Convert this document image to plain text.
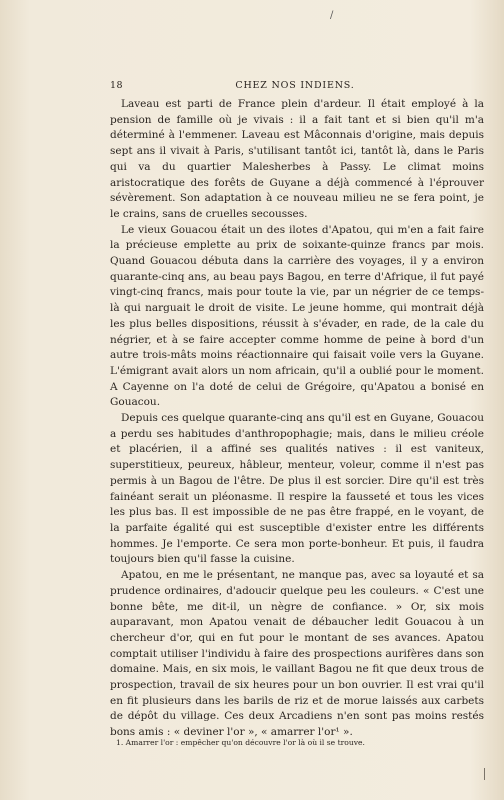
/
18	CHEZ NOS INDIENS.

Laveau est parti de France plein d'ardeur. Il était employé à la pension de famille où je vivais : il a fait tant et si bien qu'il m'a déterminé à l'emmener. Laveau est Mâconnais d'origine, mais depuis sept ans il vivait à Paris, s'utilisant tantôt ici, tantôt là, dans le Paris qui va du quartier Malesherbes à Passy. Le climat moins aristocratique des forêts de Guyane a déjà commencé à l'éprouver sévèrement. Son adaptation à ce nouveau milieu ne se fera point, je le crains, sans de cruelles secousses.

Le vieux Gouacou était un des ilotes d'Apatou, qui m'en a fait faire la précieuse emplette au prix de soixante-quinze francs par mois. Quand Gouacou débuta dans la carrière des voyages, il y a environ quarante-cinq ans, au beau pays Bagou, en terre d'Afrique, il fut payé vingt-cinq francs, mais pour toute la vie, par un négrier de ce temps-là qui narguait le droit de visite. Le jeune homme, qui montrait déjà les plus belles dispositions, réussit à s'évader, en rade, de la cale du négrier, et à se faire accepter comme homme de peine à bord d'un autre trois-mâts moins réactionnaire qui faisait voile vers la Guyane. L'émigrant avait alors un nom africain, qu'il a oublié pour le moment. A Cayenne on l'a doté de celui de Grégoire, qu'Apatou a bonisé en Gouacou.

Depuis ces quelque quarante-cinq ans qu'il est en Guyane, Gouacou a perdu ses habitudes d'anthropophagie; mais, dans le milieu créole et placérien, il a affiné ses qualités natives : il est vaniteux, superstitieux, peureux, hâbleur, menteur, voleur, comme il n'est pas permis à un Bagou de l'être. De plus il est sorcier. Dire qu'il est très fainéant serait un pléonasme. Il respire la fausseté et tous les vices les plus bas. Il est impossible de ne pas être frappé, en le voyant, de la parfaite égalité qui est susceptible d'exister entre les différents hommes. Je l'emporte. Ce sera mon porte-bonheur. Et puis, il faudra toujours bien qu'il fasse la cuisine.

Apatou, en me le présentant, ne manque pas, avec sa loyauté et sa prudence ordinaires, d'adoucir quelque peu les couleurs. « C'est une bonne bête, me dit-il, un nègre de confiance. » Or, six mois auparavant, mon Apatou venait de débaucher ledit Gouacou à un chercheur d'or, qui en fut pour le montant de ses avances. Apatou comptait utiliser l'individu à faire des prospections aurifères dans son domaine. Mais, en six mois, le vaillant Bagou ne fit que deux trous de prospection, travail de six heures pour un bon ouvrier. Il est vrai qu'il en fit plusieurs dans les barils de riz et de morue laissés aux carbets de dépôt du village. Ces deux Arcadiens n'en sont pas moins restés bons amis : « deviner l'or », « amarrer l'or¹ ».

1. Amarrer l'or : empêcher qu'on découvre l'or là où il se trouve.
